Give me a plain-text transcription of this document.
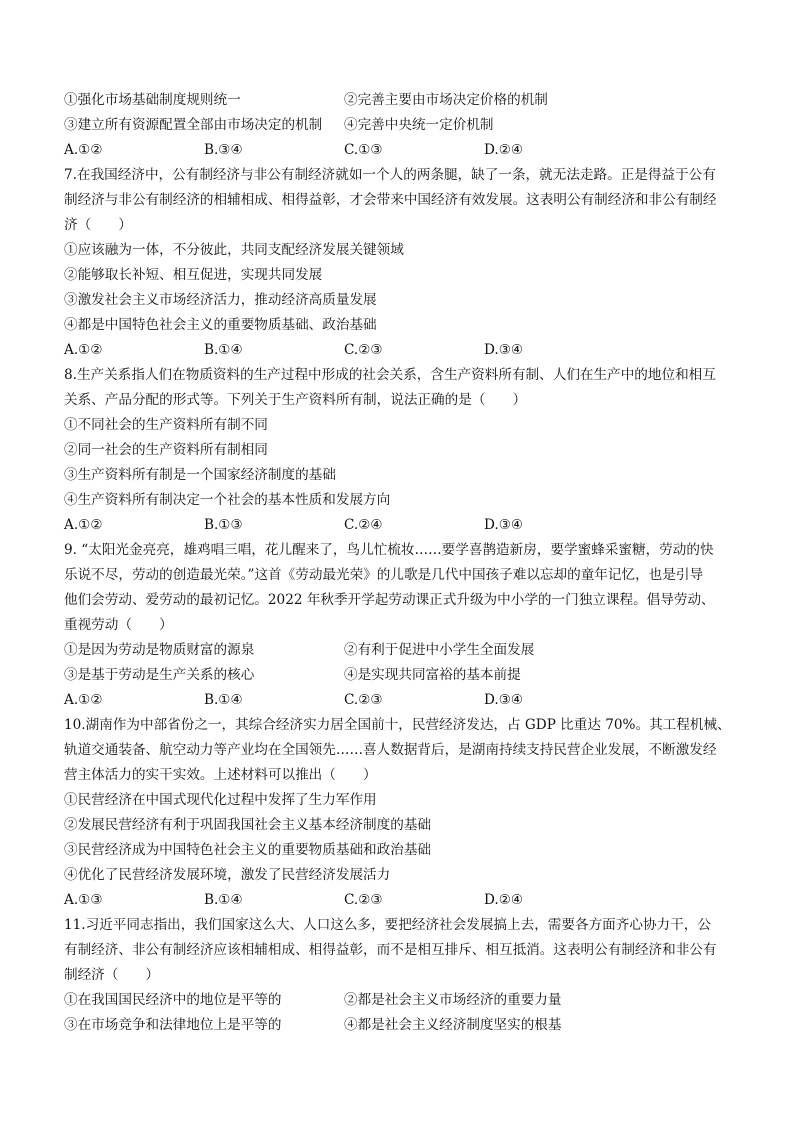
①强化市场基础制度规则统一	②完善主要由市场决定价格的机制
③建立所有资源配置全部由市场决定的机制 ④完善中央统一定价机制
A.①②	B.③④	C.①③	D.②④
7.在我国经济中，公有制经济与非公有制经济就如一个人的两条腿，缺了一条，就无法走路。正是得益于公有
制经济与非公有制经济的相辅相成、相得益彰，才会带来中国经济有效发展。这表明公有制经济和非公有制经
济（　　）
①应该融为一体，不分彼此，共同支配经济发展关键领域
②能够取长补短、相互促进，实现共同发展
③激发社会主义市场经济活力，推动经济高质量发展
④都是中国特色社会主义的重要物质基础、政治基础
A.①②	B.①④	C.②③	D.③④
8.生产关系指人们在物质资料的生产过程中形成的社会关系，含生产资料所有制、人们在生产中的地位和相互
关系、产品分配的形式等。下列关于生产资料所有制，说法正确的是（　　）
①不同社会的生产资料所有制不同
②同一社会的生产资料所有制相同
③生产资料所有制是一个国家经济制度的基础
④生产资料所有制决定一个社会的基本性质和发展方向
A.①②	B.①③	C.②④	D.③④
9. “太阳光金亮亮，雄鸡唱三唱，花儿醒来了，鸟儿忙梳妆……要学喜鹊造新房，要学蜜蜂采蜜糖，劳动的快
乐说不尽，劳动的创造最光荣。”这首《劳动最光荣》的儿歌是几代中国孩子难以忘却的童年记忆，也是引导
他们会劳动、爱劳动的最初记忆。2022 年秋季开学起劳动课正式升级为中小学的一门独立课程。倡导劳动、
重视劳动（　　）
①是因为劳动是物质财富的源泉	②有利于促进中小学生全面发展
③是基于劳动是生产关系的核心	④是实现共同富裕的基本前提
A.①②	B.①④	C.②③	D.③④
10.湖南作为中部省份之一，其综合经济实力居全国前十，民营经济发达，占 GDP 比重达 70%。其工程机械、
轨道交通装备、航空动力等产业均在全国领先……喜人数据背后，是湖南持续支持民营企业发展，不断激发经
营主体活力的实干实效。上述材料可以推出（　　）
①民营经济在中国式现代化过程中发挥了生力军作用
②发展民营经济有利于巩固我国社会主义基本经济制度的基础
③民营经济成为中国特色社会主义的重要物质基础和政治基础
④优化了民营经济发展环境，激发了民营经济发展活力
A.①③	B.①④	C.②③	D.②④
11.习近平同志指出，我们国家这么大、人口这么多，要把经济社会发展搞上去，需要各方面齐心协力干，公
有制经济、非公有制经济应该相辅相成、相得益彰，而不是相互排斥、相互抵消。这表明公有制经济和非公有
制经济（　　）
①在我国国民经济中的地位是平等的	②都是社会主义市场经济的重要力量
③在市场竞争和法律地位上是平等的	④都是社会主义经济制度坚实的根基
